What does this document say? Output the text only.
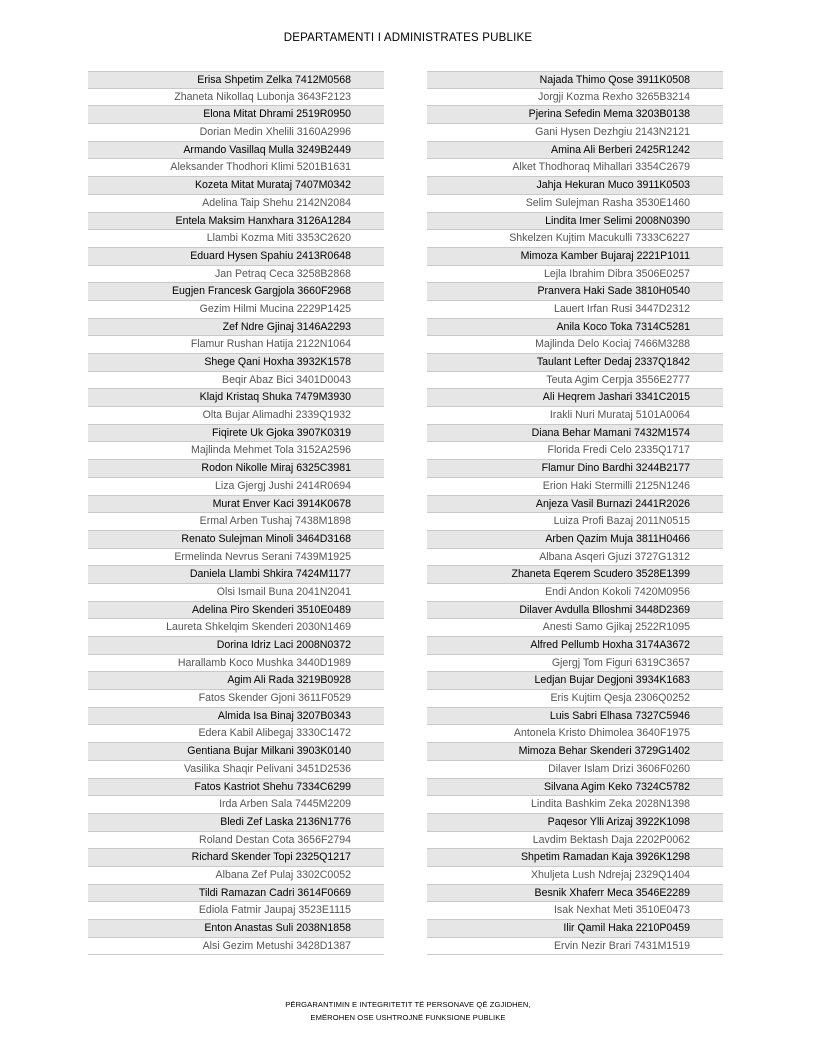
DEPARTAMENTI I ADMINISTRATES PUBLIKE
Erisa Shpetim Zelka 7412M0568
Zhaneta Nikollaq Lubonja 3643F2123
Elona Mitat Dhrami 2519R0950
Dorian Medin Xhelili 3160A2996
Armando Vasillaq Mulla 3249B2449
Aleksander Thodhori Klimi 5201B1631
Kozeta Mitat Murataj 7407M0342
Adelina Taip Shehu 2142N2084
Entela Maksim Hanxhara 3126A1284
Llambi Kozma Miti 3353C2620
Eduard Hysen Spahiu 2413R0648
Jan Petraq Ceca 3258B2868
Eugjen Francesk Gargjola 3660F2968
Gezim Hilmi Mucina 2229P1425
Zef Ndre Gjinaj 3146A2293
Flamur Rushan Hatija 2122N1064
Shege Qani Hoxha 3932K1578
Beqir Abaz Bici 3401D0043
Klajd Kristaq Shuka 7479M3930
Olta Bujar Alimadhi 2339Q1932
Fiqirete Uk Gjoka 3907K0319
Majlinda Mehmet Tola 3152A2596
Rodon Nikolle Miraj 6325C3981
Liza Gjergj Jushi 2414R0694
Murat Enver Kaci 3914K0678
Ermal Arben Tushaj 7438M1898
Renato Sulejman Minoli 3464D3168
Ermelinda Nevrus Serani 7439M1925
Daniela Llambi Shkira 7424M1177
Olsi Ismail Buna 2041N2041
Adelina Piro Skenderi 3510E0489
Laureta Shkelqim Skenderi 2030N1469
Dorina Idriz Laci 2008N0372
Harallamb Koco Mushka 3440D1989
Agim Ali Rada 3219B0928
Fatos Skender Gjoni 3611F0529
Almida Isa Binaj 3207B0343
Edera Kabil Alibegaj 3330C1472
Gentiana Bujar Milkani 3903K0140
Vasilika Shaqir Pelivani 3451D2536
Fatos Kastriot Shehu 7334C6299
Irda Arben Sala 7445M2209
Bledi Zef Laska 2136N1776
Roland Destan Cota 3656F2794
Richard Skender Topi 2325Q1217
Albana Zef Pulaj 3302C0052
Tildi Ramazan Cadri 3614F0669
Ediola Fatmir Jaupaj 3523E1115
Enton Anastas Suli 2038N1858
Alsi Gezim Metushi 3428D1387
Najada Thimo Qose 3911K0508
Jorgji Kozma Rexho 3265B3214
Pjerina Sefedin Mema 3203B0138
Gani Hysen Dezhgiu 2143N2121
Amina Ali Berberi 2425R1242
Alket Thodhoraq Mihallari 3354C2679
Jahja Hekuran Muco 3911K0503
Selim Sulejman Rasha 3530E1460
Lindita Imer Selimi 2008N0390
Shkelzen Kujtim Macukulli 7333C6227
Mimoza Kamber Bujaraj 2221P1011
Lejla Ibrahim Dibra 3506E0257
Pranvera Haki Sade 3810H0540
Lauert Irfan Rusi 3447D2312
Anila Koco Toka 7314C5281
Majlinda Delo Kociaj 7466M3288
Taulant Lefter Dedaj 2337Q1842
Teuta Agim Cerpja 3556E2777
Ali Heqrem Jashari 3341C2015
Irakli Nuri Murataj 5101A0064
Diana Behar Mamani 7432M1574
Florida Fredi Celo 2335Q1717
Flamur Dino Bardhi 3244B2177
Erion Haki Stermilli 2125N1246
Anjeza Vasil Burnazi 2441R2026
Luiza Profi Bazaj 2011N0515
Arben Qazim Muja 3811H0466
Albana Asqeri Gjuzi 3727G1312
Zhaneta Eqerem Scudero 3528E1399
Endi Andon Kokoli 7420M0956
Dilaver Avdulla Blloshmi 3448D2369
Anesti Samo Gjikaj 2522R1095
Alfred Pellumb Hoxha 3174A3672
Gjergj Tom Figuri 6319C3657
Ledjan Bujar Degjoni 3934K1683
Eris Kujtim Qesja 2306Q0252
Luis Sabri Elhasa 7327C5946
Antonela Kristo Dhimolea 3640F1975
Mimoza Behar Skenderi 3729G1402
Dilaver Islam Drizi 3606F0260
Silvana Agim Keko 7324C5782
Lindita Bashkim Zeka 2028N1398
Paqesor Ylli Arizaj 3922K1098
Lavdim Bektash Daja 2202P0062
Shpetim Ramadan Kaja 3926K1298
Xhuljeta Lush Ndrejaj 2329Q1404
Besnik Xhaferr Meca 3546E2289
Isak Nexhat Meti 3510E0473
Ilir Qamil Haka 2210P0459
Ervin Nezir Brari 7431M1519
PËRGARANTIMIN E INTEGRITETIT TË PERSONAVE QË ZGJIDHEN,
EMËROHEN OSE USHTROJNË FUNKSIONE PUBLIKE
